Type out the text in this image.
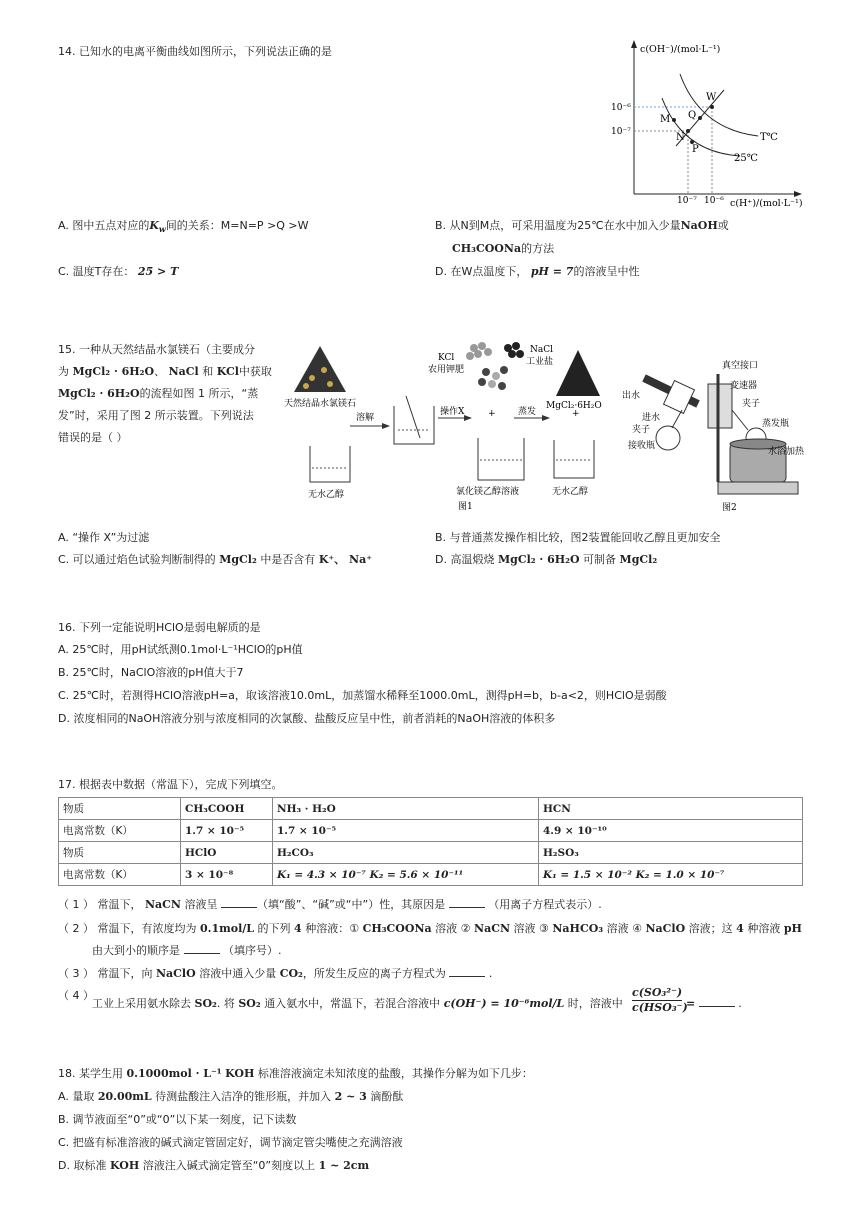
14. 已知水的电离平衡曲线如图所示，下列说法正确的是	c(OH⁻)/(mol·L⁻¹)
c(H⁺)/(mol·L⁻¹)
10⁻⁶
10⁻⁷
10⁻⁷ 10⁻⁶
M Q
W
N
P
T℃
25℃
A. 图中五点对应的$K_w$间的关系：M=N=P >Q >W	B. 从N到M点，可采用温度为25℃在水中加入少量NaOH或
CH₃COONa的方法
C. 温度T存在： 25 > T	D. 在W点温度下， pH = 7的溶液呈中性
15. 一种从天然结晶水氯镁石（主要成分
为 MgCl₂ · 6H₂O、 NaCl 和 KCl中获取
MgCl₂ · 6H₂O的流程如图 1 所示，“蒸
发”时，采用了图 2 所示装置。下列说法
错误的是（ ）
天然结晶水氯镁石
无水乙醇
溶解
KCl
农用钾肥
NaCl
工业盐
操作X	+
氯化镁乙醇溶液
蒸发
MgCl₂·6H₂O
+
无水乙醇
图1
真空接口
变速器
出水
夹子
进水
蒸发瓶
夹子
接收瓶
水浴加热
图2
A. “操作 X”为过滤	B. 与普通蒸发操作相比较，图2装置能回收乙醇且更加安全
C. 可以通过焰色试验判断制得的 MgCl₂ 中是否含有 K⁺、 Na⁺	D. 高温煅烧 MgCl₂ · 6H₂O 可制备 MgCl₂
16. 下列一定能说明HClO是弱电解质的是
A. 25℃时，用pH试纸测0.1mol·L⁻¹HClO的pH值
B. 25℃时，NaClO溶液的pH值大于7
C. 25℃时，若测得HClO溶液pH=a，取该溶液10.0mL，加蒸馏水稀释至1000.0mL，测得pH=b，b-a<2，则HClO是弱酸
D. 浓度相同的NaOH溶液分别与浓度相同的次氯酸、盐酸反应呈中性，前者消耗的NaOH溶液的体积多
17. 根据表中数据（常温下），完成下列填空。
物质	CH₃COOH	NH₃ · H₂O	HCN
电离常数（K）	1.7 × 10⁻⁵	1.7 × 10⁻⁵	4.9 × 10⁻¹⁰
物质	HClO	H₂CO₃	H₂SO₃
电离常数（K）	3 × 10⁻⁸	K₁ = 4.3 × 10⁻⁷ K₂ = 5.6 × 10⁻¹¹	K₁ = 1.5 × 10⁻² K₂ = 1.0 × 10⁻⁷
（ 1 ） 常温下， NaCN 溶液呈	（填“酸”、“碱”或“中”）性，其原因是	（用离子方程式表示）.
（ 2 ） 常温下，有浓度均为 0.1mol/L 的下列 4 种溶液：① CH₃COONa 溶液 ② NaCN 溶液 ③ NaHCO₃ 溶液 ④ NaClO 溶液；这 4 种溶液 pH
由大到小的顺序是	（填序号）.
（ 3 ） 常温下，向 NaClO 溶液中通入少量 CO₂，所发生反应的离子方程式为	.
（ 4 ）
工业上采用氨水除去 SO₂. 将 SO₂ 通入氨水中，常温下，若混合溶液中 c(OH⁻) = 10⁻⁶mol/L 时，溶液中
c(SO₃²⁻)
c(HSO₃⁻)
=	.
18. 某学生用 0.1000mol · L⁻¹ KOH 标准溶液滴定未知浓度的盐酸，其操作分解为如下几步：
A. 量取 20.00mL 待测盐酸注入洁净的锥形瓶，并加入 2 ~ 3 滴酚酞
B. 调节液面至“0”或“0”以下某一刻度，记下读数
C. 把盛有标准溶液的碱式滴定管固定好，调节滴定管尖嘴使之充满溶液
D. 取标准 KOH 溶液注入碱式滴定管至“0”刻度以上 1 ~ 2cm
